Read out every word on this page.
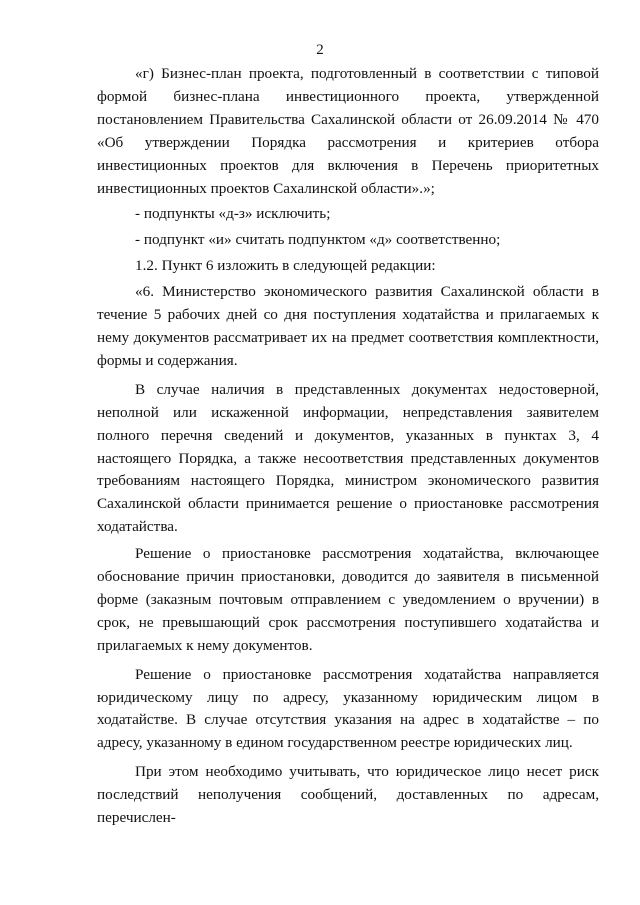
2

«г) Бизнес-план проекта, подготовленный в соответствии с типовой формой бизнес-плана инвестиционного проекта, утвержденной постановлением Правительства Сахалинской области от 26.09.2014 № 470 «Об утверждении Порядка рассмотрения и критериев отбора инвестиционных проектов для включения в Перечень приоритетных инвестиционных проектов Сахалинской области».»;

- подпункты «д-з» исключить;

- подпункт «и» считать подпунктом «д» соответственно;

1.2. Пункт 6 изложить в следующей редакции:

«6. Министерство экономического развития Сахалинской области в течение 5 рабочих дней со дня поступления ходатайства и прилагаемых к нему документов рассматривает их на предмет соответствия комплектности, формы и содержания.

В случае наличия в представленных документах недостоверной, неполной или искаженной информации, непредставления заявителем полного перечня сведений и документов, указанных в пунктах 3, 4 настоящего Порядка, а также несоответствия представленных документов требованиям настоящего Порядка, министром экономического развития Сахалинской области принимается решение о приостановке рассмотрения ходатайства.

Решение о приостановке рассмотрения ходатайства, включающее обоснование причин приостановки, доводится до заявителя в письменной форме (заказным почтовым отправлением с уведомлением о вручении) в срок, не превышающий срок рассмотрения поступившего ходатайства и прилагаемых к нему документов.

Решение о приостановке рассмотрения ходатайства направляется юридическому лицу по адресу, указанному юридическим лицом в ходатайстве. В случае отсутствия указания на адрес в ходатайстве – по адресу, указанному в едином государственном реестре юридических лиц.

При этом необходимо учитывать, что юридическое лицо несет риск последствий неполучения сообщений, доставленных по адресам, перечислен-
